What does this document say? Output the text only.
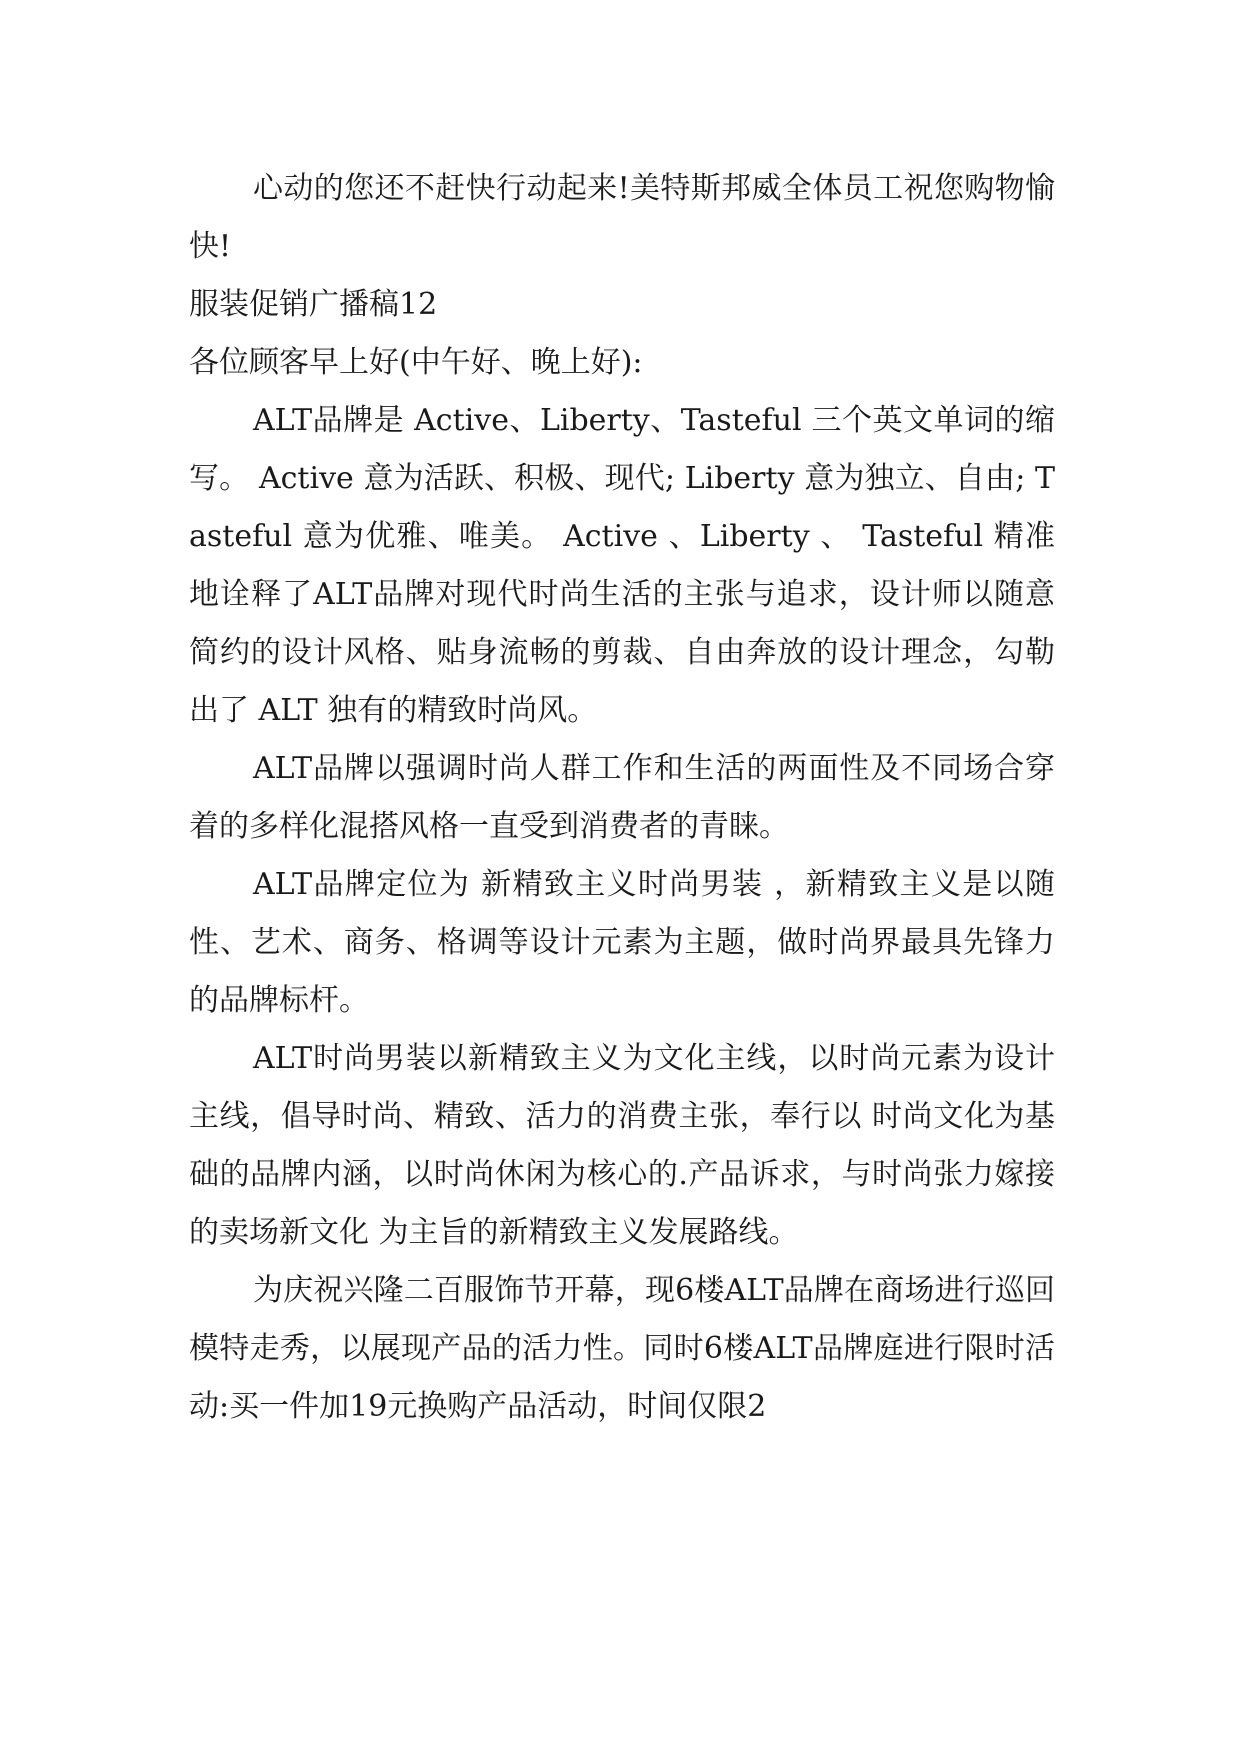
心动的您还不赶快行动起来!美特斯邦威全体员工祝您购物愉快!

服装促销广播稿12

各位顾客早上好(中午好、晚上好):

ALT品牌是 Active、Liberty、Tasteful 三个英文单词的缩写。 Active 意为活跃、积极、现代; Liberty 意为独立、自由; Tasteful 意为优雅、唯美。 Active 、Liberty 、 Tasteful 精准地诠释了ALT品牌对现代时尚生活的主张与追求，设计师以随意简约的设计风格、贴身流畅的剪裁、自由奔放的设计理念，勾勒出了 ALT 独有的精致时尚风。

ALT品牌以强调时尚人群工作和生活的两面性及不同场合穿着的多样化混搭风格一直受到消费者的青睐。

ALT品牌定位为 新精致主义时尚男装 ，新精致主义是以随性、艺术、商务、格调等设计元素为主题，做时尚界最具先锋力的品牌标杆。

ALT时尚男装以新精致主义为文化主线，以时尚元素为设计主线，倡导时尚、精致、活力的消费主张，奉行以 时尚文化为基础的品牌内涵，以时尚休闲为核心的.产品诉求，与时尚张力嫁接的卖场新文化 为主旨的新精致主义发展路线。

为庆祝兴隆二百服饰节开幕，现6楼ALT品牌在商场进行巡回模特走秀，以展现产品的活力性。同时6楼ALT品牌庭进行限时活动:买一件加19元换购产品活动，时间仅限2
